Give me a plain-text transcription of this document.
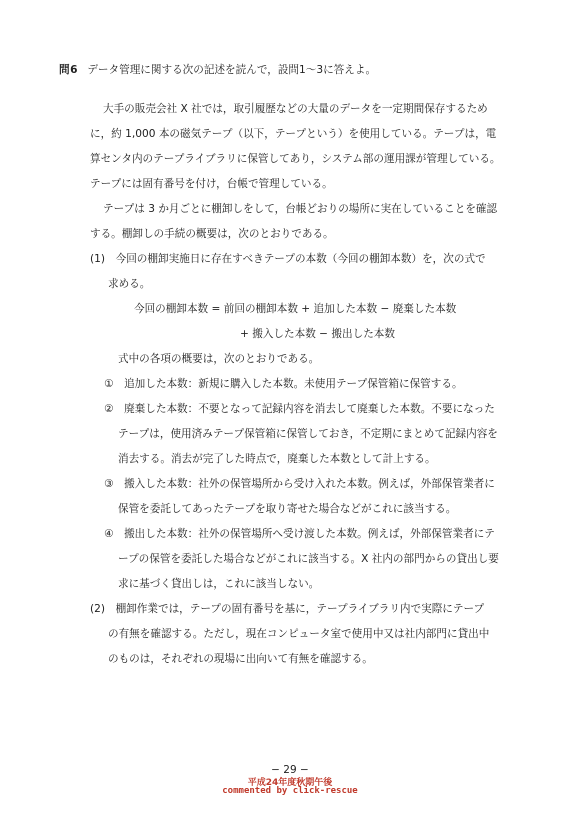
問6 データ管理に関する次の記述を読んで，設問1～3に答えよ。
大手の販売会社 X 社では，取引履歴などの大量のデータを一定期間保存するため
に，約 1,000 本の磁気テープ（以下，テープという）を使用している。テープは，電
算センタ内のテープライブラリに保管してあり，システム部の運用課が管理している。
テープには固有番号を付け，台帳で管理している。
テープは 3 か月ごとに棚卸しをして，台帳どおりの場所に実在していることを確認
する。棚卸しの手続の概要は，次のとおりである。
(1)　今回の棚卸実施日に存在すべきテープの本数（今回の棚卸本数）を，次の式で
求める。
今回の棚卸本数 = 前回の棚卸本数 + 追加した本数 − 廃棄した本数
+ 搬入した本数 − 搬出した本数
式中の各項の概要は，次のとおりである。
①　追加した本数：新規に購入した本数。未使用テープ保管箱に保管する。
②　廃棄した本数：不要となって記録内容を消去して廃棄した本数。不要になった
テープは，使用済みテープ保管箱に保管しておき，不定期にまとめて記録内容を
消去する。消去が完了した時点で，廃棄した本数として計上する。
③　搬入した本数：社外の保管場所から受け入れた本数。例えば，外部保管業者に
保管を委託してあったテープを取り寄せた場合などがこれに該当する。
④　搬出した本数：社外の保管場所へ受け渡した本数。例えば，外部保管業者にテ
ープの保管を委託した場合などがこれに該当する。X 社内の部門からの貸出し要
求に基づく貸出しは，これに該当しない。
(2)　棚卸作業では，テープの固有番号を基に，テープライブラリ内で実際にテープ
の有無を確認する。ただし，現在コンピュータ室で使用中又は社内部門に貸出中
のものは，それぞれの現場に出向いて有無を確認する。
− 29 −
平成24年度秋期午後
commented by click-rescue
